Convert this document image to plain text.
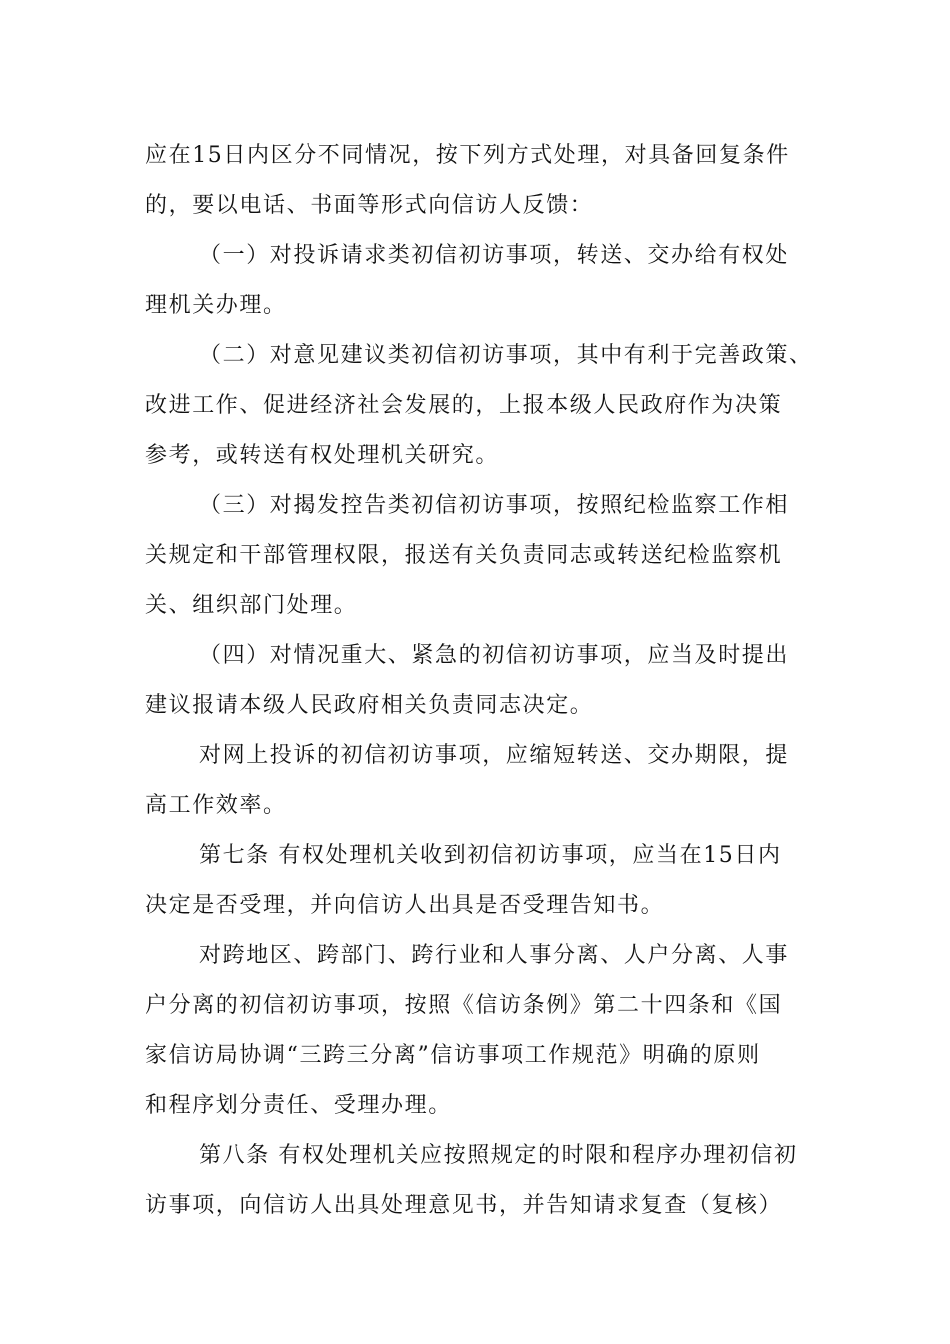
应在15日内区分不同情况，按下列方式处理，对具备回复条件
的，要以电话、书面等形式向信访人反馈：
（一）对投诉请求类初信初访事项，转送、交办给有权处
理机关办理。
（二）对意见建议类初信初访事项，其中有利于完善政策、
改进工作、促进经济社会发展的，上报本级人民政府作为决策
参考，或转送有权处理机关研究。
（三）对揭发控告类初信初访事项，按照纪检监察工作相
关规定和干部管理权限，报送有关负责同志或转送纪检监察机
关、组织部门处理。
（四）对情况重大、紧急的初信初访事项，应当及时提出
建议报请本级人民政府相关负责同志决定。
对网上投诉的初信初访事项，应缩短转送、交办期限，提
高工作效率。
第七条 有权处理机关收到初信初访事项，应当在15日内
决定是否受理，并向信访人出具是否受理告知书。
对跨地区、跨部门、跨行业和人事分离、人户分离、人事
户分离的初信初访事项，按照《信访条例》第二十四条和《国
家信访局协调“三跨三分离”信访事项工作规范》明确的原则
和程序划分责任、受理办理。
第八条 有权处理机关应按照规定的时限和程序办理初信初
访事项，向信访人出具处理意见书，并告知请求复查（复核）
